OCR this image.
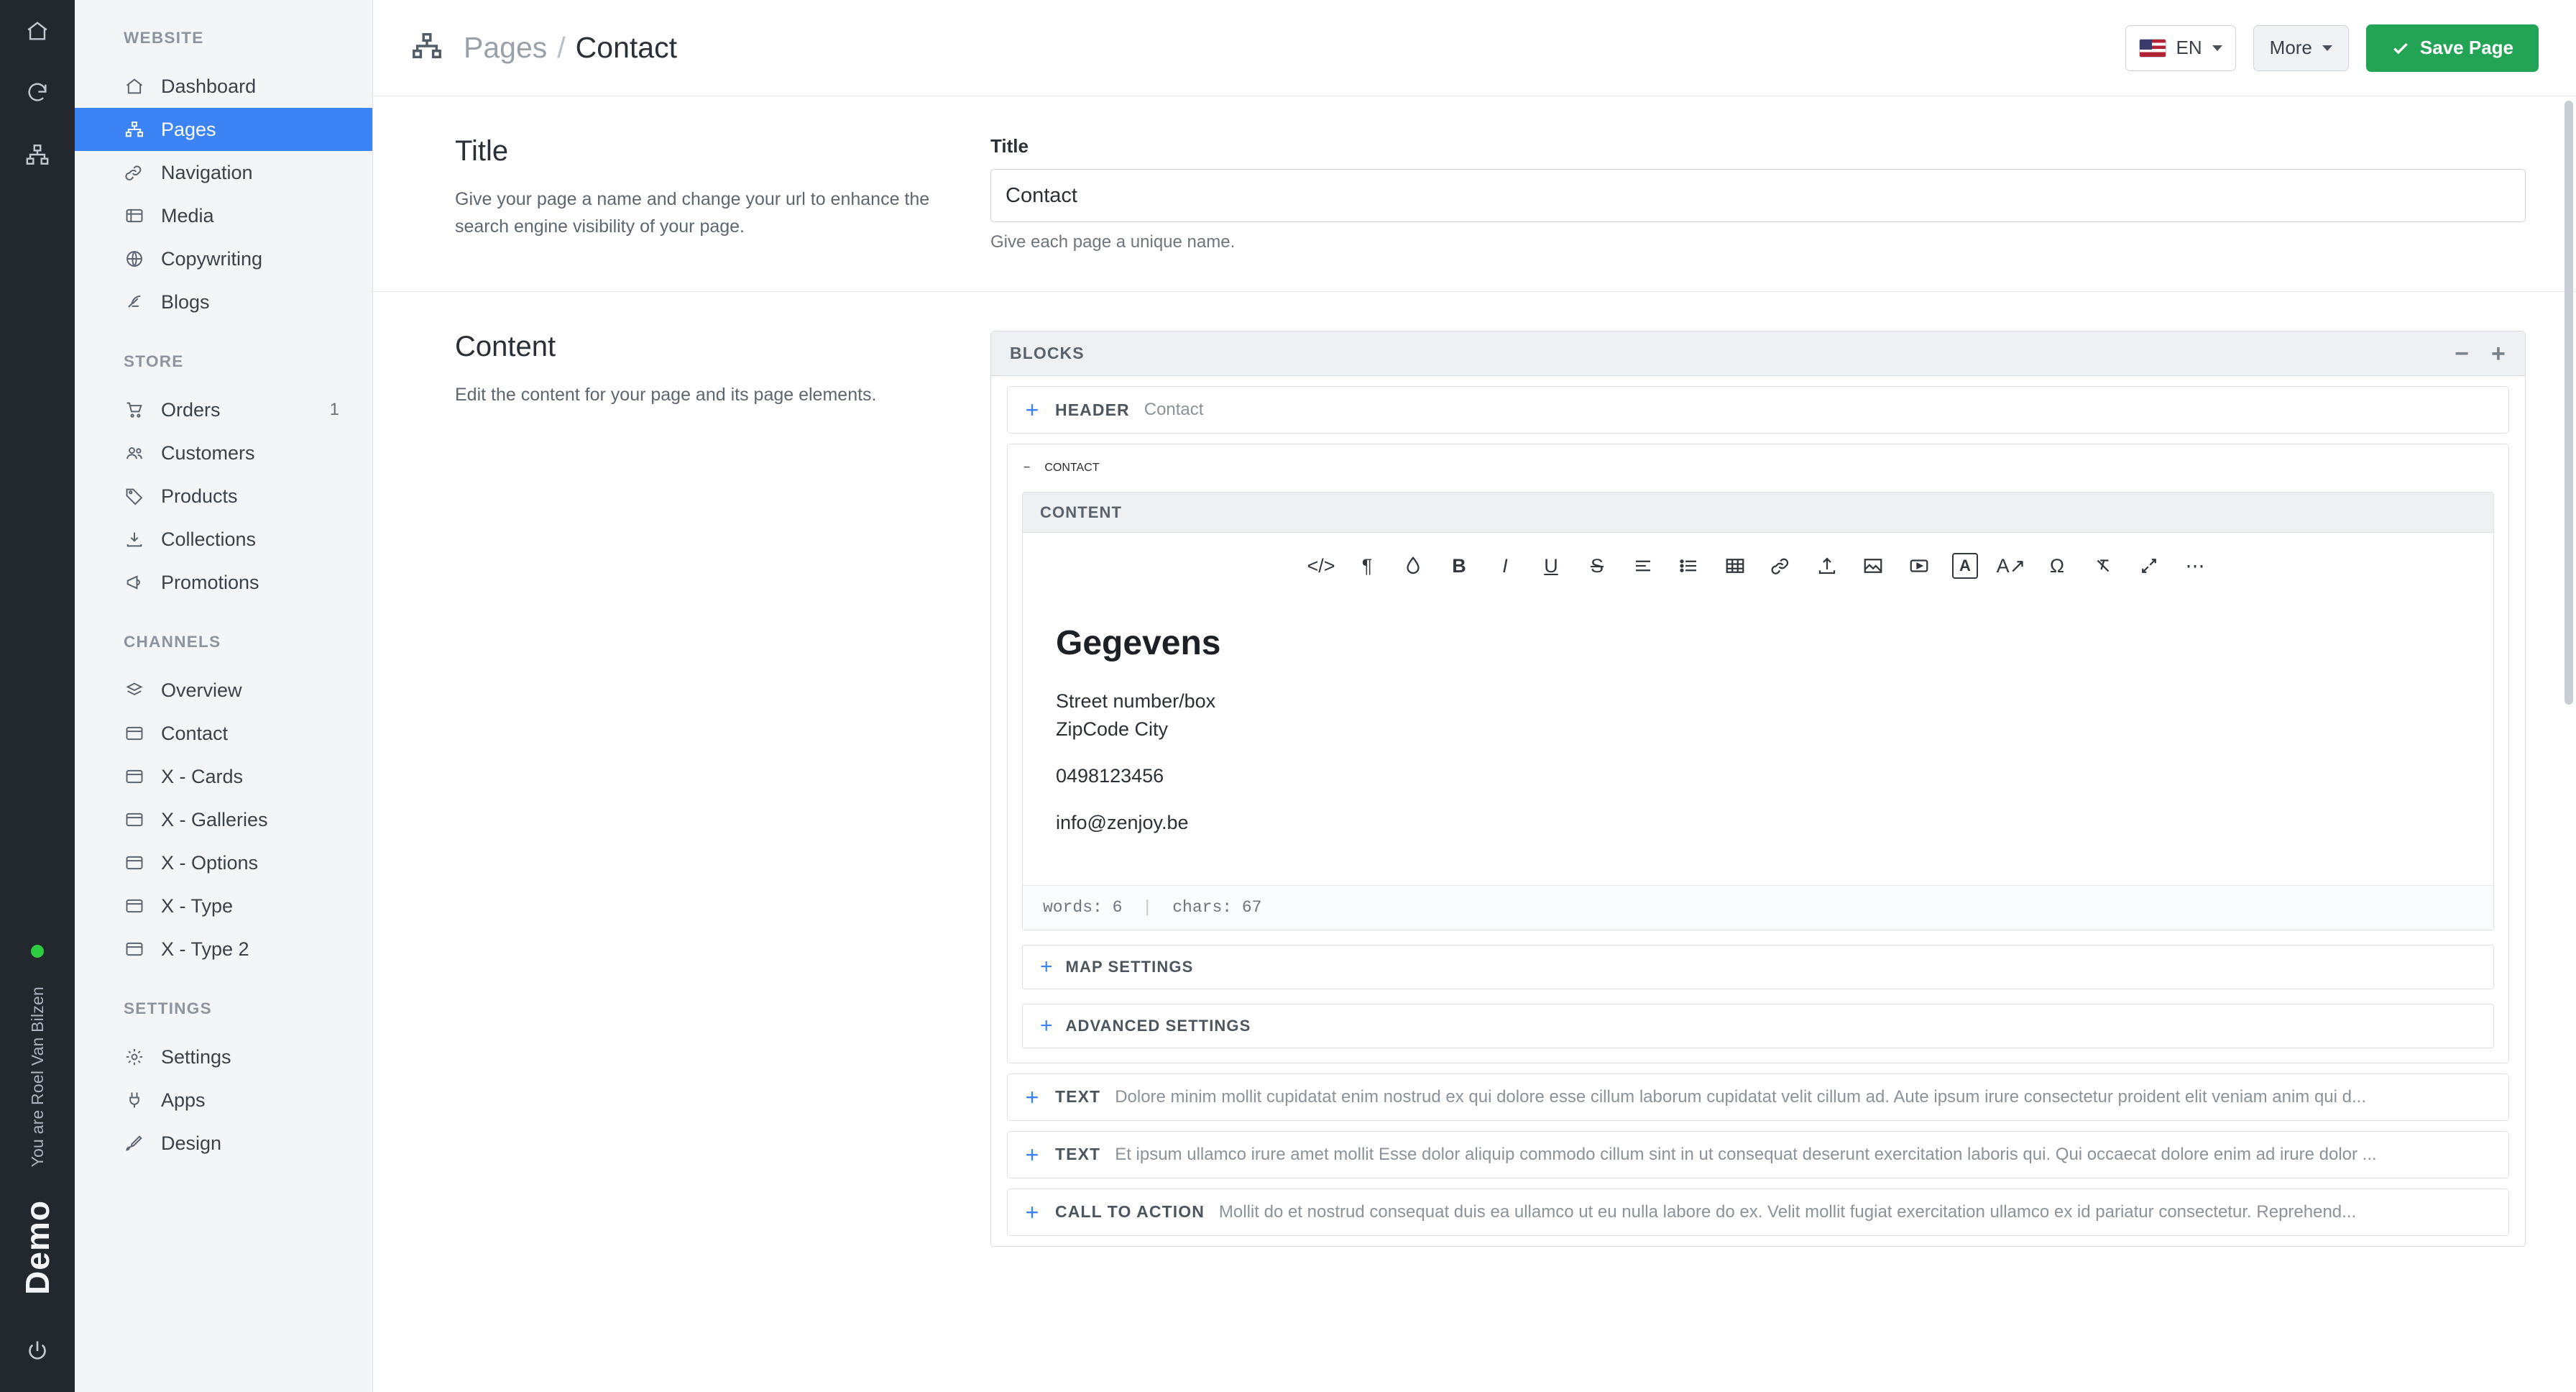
You are Roel Van Bilzen
Demo
WEBSITE
Dashboard
Pages
Navigation
Media
Copywriting
Blogs
STORE
Orders	1
Customers
Products
Collections
Promotions
CHANNELS
Overview
Contact
X - Cards
X - Galleries
X - Options
X - Type
X - Type 2
SETTINGS
Settings
Apps
Design
Pages / Contact	EN	More	Save Page
Title

Give your page a name and change your url to enhance the search engine visibility of your page.

Title
Contact
Give each page a unique name.
Content

Edit the content for your page and its page elements.

BLOCKS	− +
+ HEADER Contact
− CONTACT
CONTENT
</>	¶	B I U S	A	A↗	Ω	⋯
Gegevens

Street number/box
ZipCode City

0498123456

info@zenjoy.be

words: 6 | chars: 67
+ MAP SETTINGS
+ ADVANCED SETTINGS
+ TEXT Dolore minim mollit cupidatat enim nostrud ex qui dolore esse cillum laborum cupidatat velit cillum ad. Aute ipsum irure consectetur proident elit veniam anim qui d...
+ TEXT Et ipsum ullamco irure amet mollit Esse dolor aliquip commodo cillum sint in ut consequat deserunt exercitation laboris qui. Qui occaecat dolore enim ad irure dolor ...
+ CALL TO ACTION Mollit do et nostrud consequat duis ea ullamco ut eu nulla labore do ex. Velit mollit fugiat exercitation ullamco ex id pariatur consectetur. Reprehend...
